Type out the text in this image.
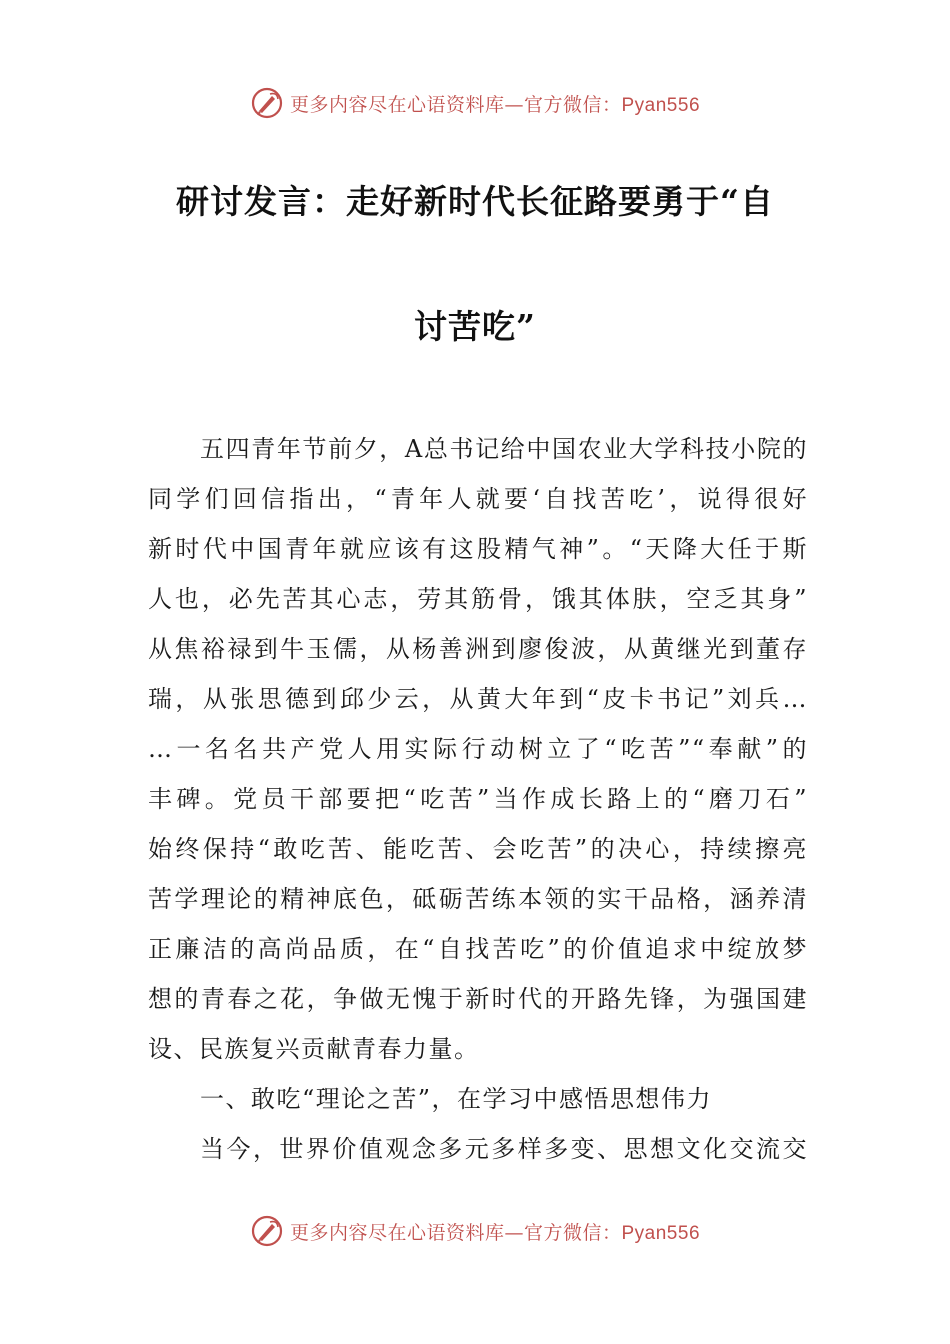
更多内容尽在心语资料库—官方微信：Pyan556
研讨发言：走好新时代长征路要勇于“自
讨苦吃”
五四青年节前夕，A总书记给中国农业大学科技小院的
同学们回信指出，“青年人就要‘自找苦吃’，说得很好
新时代中国青年就应该有这股精气神”。“天降大任于斯
人也，必先苦其心志，劳其筋骨，饿其体肤，空乏其身”
从焦裕禄到牛玉儒，从杨善洲到廖俊波，从黄继光到董存
瑞，从张思德到邱少云，从黄大年到“皮卡书记”刘兵…
…一名名共产党人用实际行动树立了“吃苦”“奉献”的
丰碑。党员干部要把“吃苦”当作成长路上的“磨刀石”
始终保持“敢吃苦、能吃苦、会吃苦”的决心，持续擦亮
苦学理论的精神底色，砥砺苦练本领的实干品格，涵养清
正廉洁的高尚品质，在“自找苦吃”的价值追求中绽放梦
想的青春之花，争做无愧于新时代的开路先锋，为强国建
设、民族复兴贡献青春力量。
一、敢吃“理论之苦”，在学习中感悟思想伟力
当今，世界价值观念多元多样多变、思想文化交流交
更多内容尽在心语资料库—官方微信：Pyan556
